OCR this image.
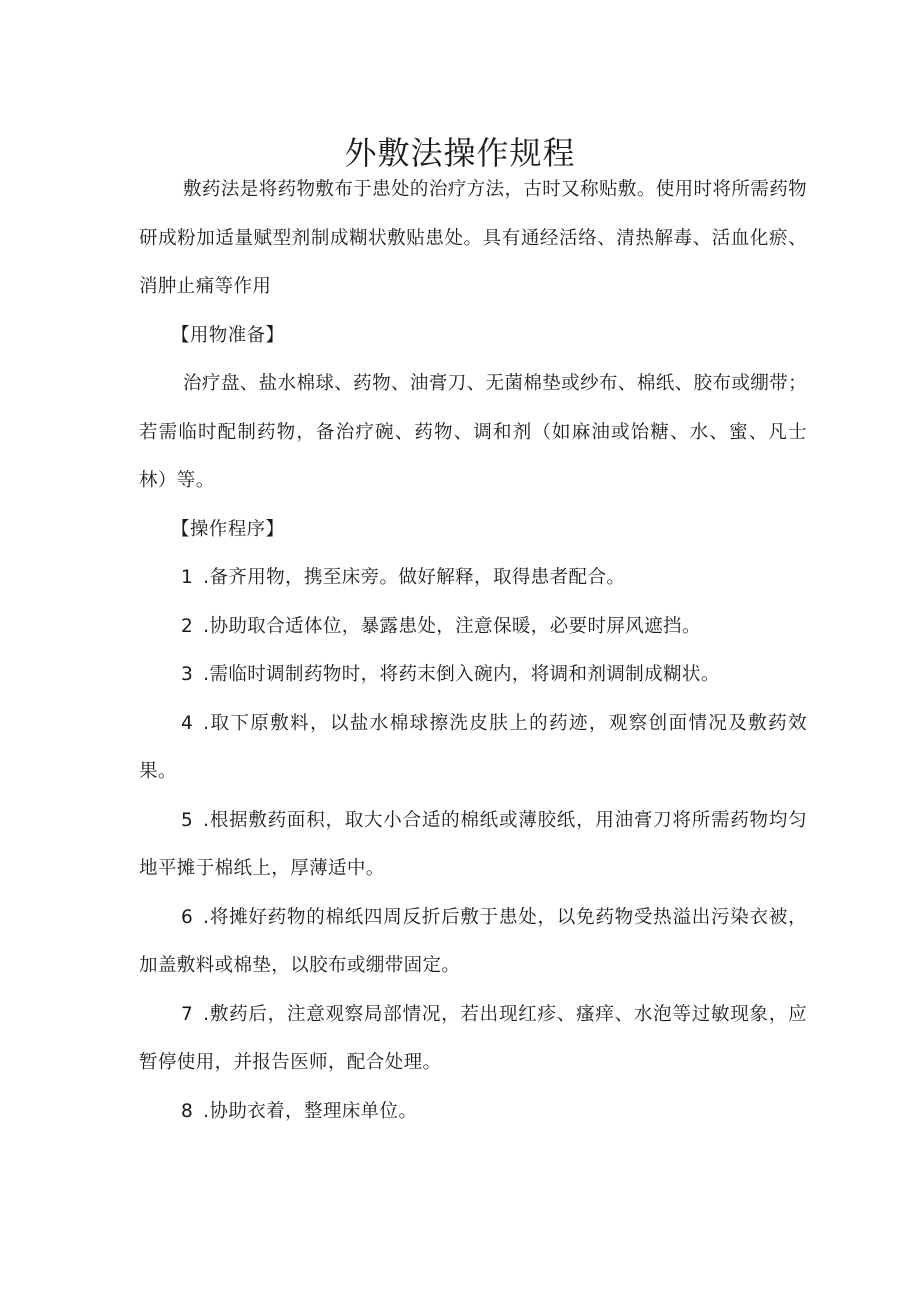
外敷法操作规程

敷药法是将药物敷布于患处的治疗方法，古时又称贴敷。使用时将所需药物研成粉加适量赋型剂制成糊状敷贴患处。具有通经活络、清热解毒、活血化瘀、消肿止痛等作用

【用物准备】

治疗盘、盐水棉球、药物、油膏刀、无菌棉垫或纱布、棉纸、胶布或绷带；若需临时配制药物，备治疗碗、药物、调和剂（如麻油或饴糖、水、蜜、凡士林）等。

【操作程序】

1 .备齐用物，携至床旁。做好解释，取得患者配合。

2 .协助取合适体位，暴露患处，注意保暖，必要时屏风遮挡。

3 .需临时调制药物时，将药末倒入碗内，将调和剂调制成糊状。

4 .取下原敷料，以盐水棉球擦洗皮肤上的药迹，观察创面情况及敷药效果。

5 .根据敷药面积，取大小合适的棉纸或薄胶纸，用油膏刀将所需药物均匀地平摊于棉纸上，厚薄适中。

6 .将摊好药物的棉纸四周反折后敷于患处，以免药物受热溢出污染衣被，加盖敷料或棉垫，以胶布或绷带固定。

7 .敷药后，注意观察局部情况，若出现红疹、瘙痒、水泡等过敏现象，应暂停使用，并报告医师，配合处理。

8 .协助衣着，整理床单位。
